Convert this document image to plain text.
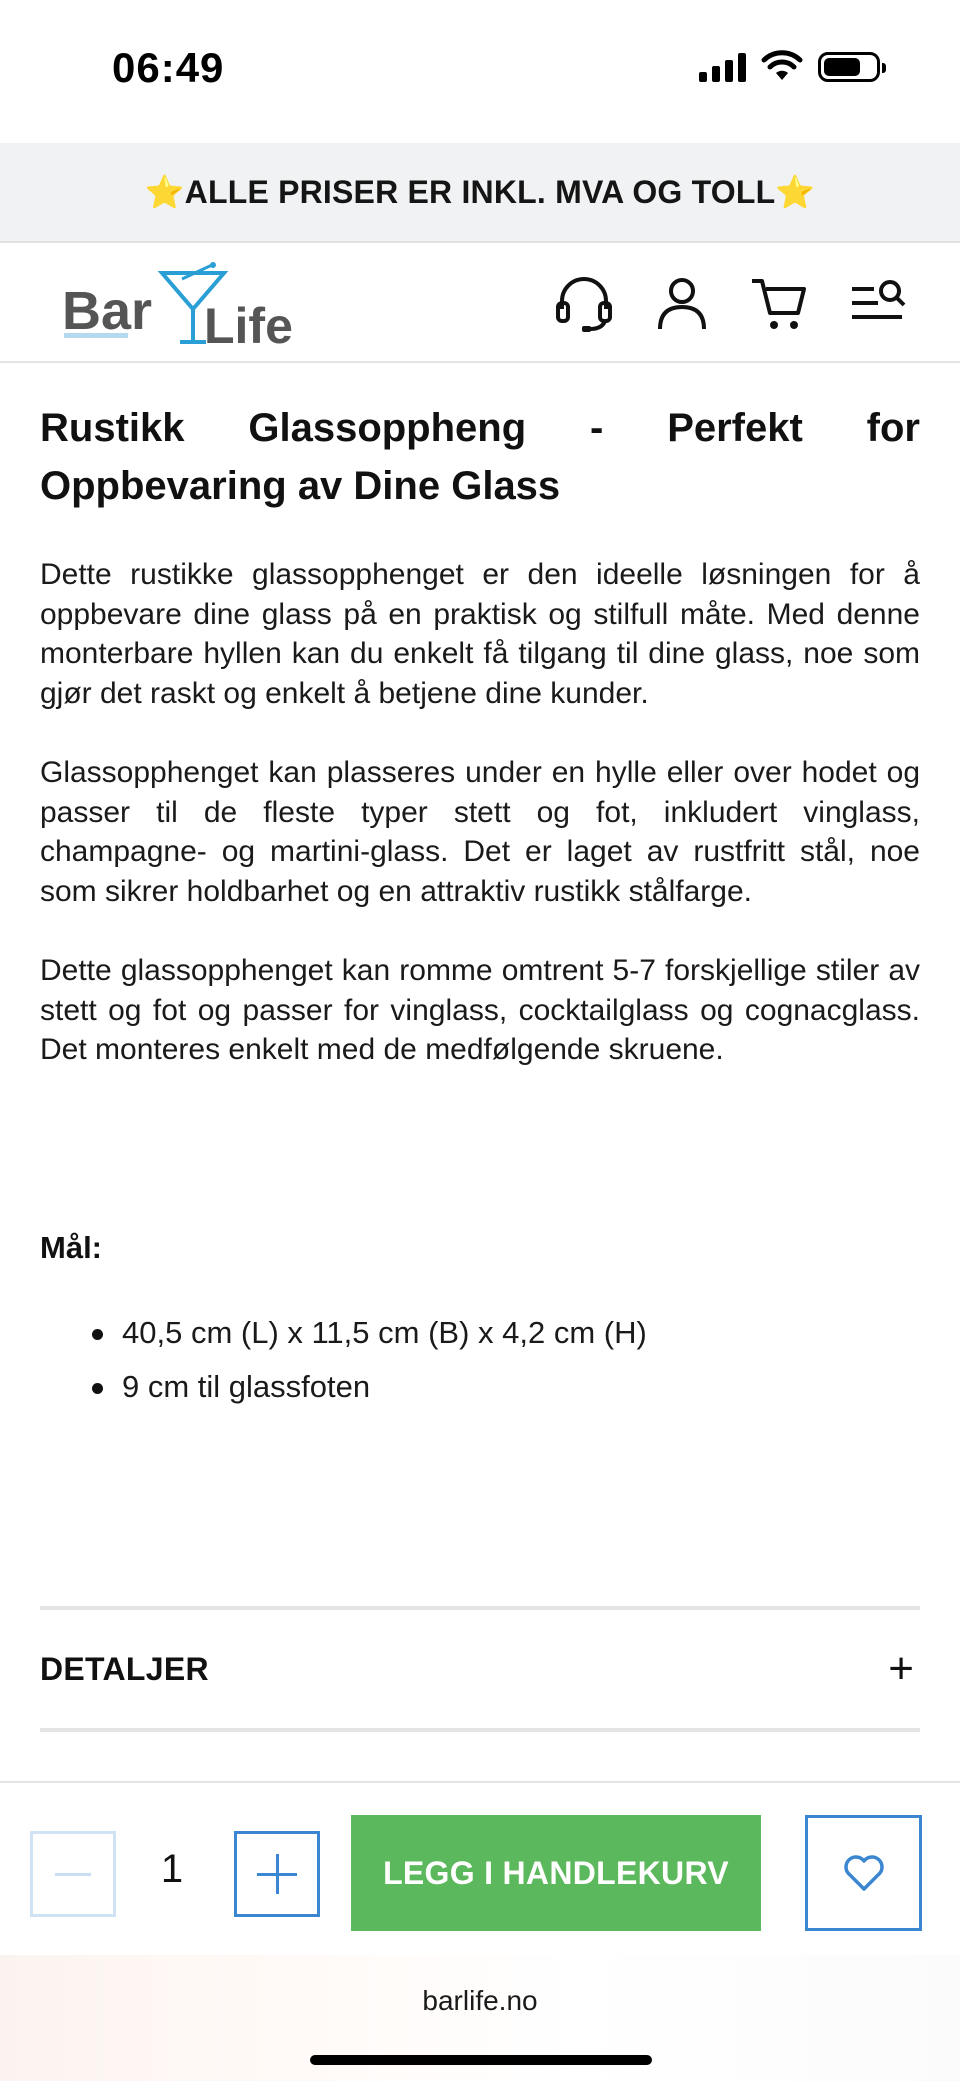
06:49
⭐ALLE PRISER ER INKL. MVA OG TOLL⭐
Bar Life
Rustikk Glassoppheng - Perfekt for Oppbevaring av Dine Glass

Dette rustikke glassopphenget er den ideelle løsningen for å oppbevare dine glass på en praktisk og stilfull måte. Med denne monterbare hyllen kan du enkelt få tilgang til dine glass, noe som gjør det raskt og enkelt å betjene dine kunder.

Glassopphenget kan plasseres under en hylle eller over hodet og passer til de fleste typer stett og fot, inkludert vinglass, champagne- og martini-glass. Det er laget av rustfritt stål, noe som sikrer holdbarhet og en attraktiv rustikk stålfarge.

Dette glassopphenget kan romme omtrent 5-7 forskjellige stiler av stett og fot og passer for vinglass, cocktailglass og cognacglass. Det monteres enkelt med de medfølgende skruene.

Mål:
40,5 cm (L) x 11,5 cm (B) x 4,2 cm (H)
9 cm til glassfoten
DETALJER	+
1	LEGG I HANDLEKURV
barlife.no
